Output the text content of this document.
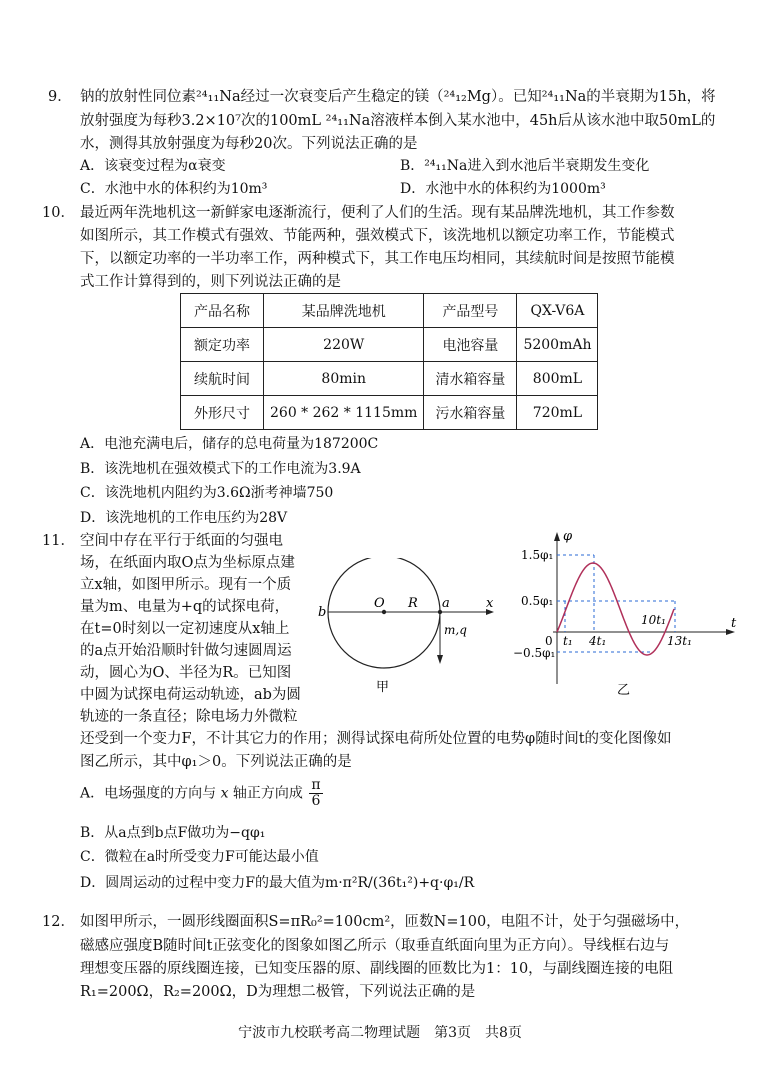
9． 钠的放射性同位素²⁴₁₁Na经过一次衰变后产生稳定的镁（²⁴₁₂Mg）。已知²⁴₁₁Na的半衰期为15h，将
放射强度为每秒3.2×10⁷次的100mL ²⁴₁₁Na溶液样本倒入某水池中，45h后从该水池中取50mL的
水，测得其放射强度为每秒20次。下列说法正确的是
A．该衰变过程为α衰变	B．²⁴₁₁Na进入到水池后半衰期发生变化
C．水池中水的体积约为10m³	D．水池中水的体积约为1000m³
10． 最近两年洗地机这一新鲜家电逐渐流行，便利了人们的生活。现有某品牌洗地机，其工作参数
如图所示，其工作模式有强效、节能两种，强效模式下，该洗地机以额定功率工作，节能模式
下，以额定功率的一半功率工作，两种模式下，其工作电压均相同，其续航时间是按照节能模
式工作计算得到的，则下列说法正确的是
产品名称	某品牌洗地机	产品型号	QX-V6A
额定功率	220W	电池容量	5200mAh
续航时间	80min	清水箱容量	800mL
外形尺寸	260 * 262 * 1115mm	污水箱容量	720mL
A．电池充满电后，储存的总电荷量为187200C
B．该洗地机在强效模式下的工作电流为3.9A
C．该洗地机内阻约为3.6Ω浙考神墙750
D．该洗地机的工作电压约为28V
11． 空间中存在平行于纸面的匀强电
场，在纸面内取O点为坐标原点建
立x轴，如图甲所示。现有一个质
量为m、电量为+q的试探电荷，
在t=0时刻以一定初速度从x轴上
的a点开始沿顺时针做匀速圆周运
动，圆心为O、半径为R。已知图
中圆为试探电荷运动轨迹，ab为圆
轨迹的一条直径；除电场力外微粒
还受到一个变力F，不计其它力的作用；测得试探电荷所处位置的电势φ随时间t的变化图像如
图乙所示，其中φ₁＞0。下列说法正确的是
b
O R a	x
m,q
甲
1.5φ₁
0.5φ₁
−0.5φ₁
φ
t
0 t₁ 4t₁
10t₁
13t₁
乙
A．电场强度的方向与 x 轴正方向成 $\frac{\pi}{6}$
B．从a点到b点F做功为−qφ₁
C．微粒在a时所受变力F可能达最小值
D．圆周运动的过程中变力F的最大值为m·π²R/(36t₁²)+q·φ₁/R
12． 如图甲所示，一圆形线圈面积S=πR₀²=100cm²，匝数N=100，电阻不计，处于匀强磁场中，
磁感应强度B随时间t正弦变化的图象如图乙所示（取垂直纸面向里为正方向）。导线框右边与
理想变压器的原线圈连接，已知变压器的原、副线圈的匝数比为1：10，与副线圈连接的电阻
R₁=200Ω，R₂=200Ω，D为理想二极管，下列说法正确的是
宁波市九校联考高二物理试题　第3页　共8页
